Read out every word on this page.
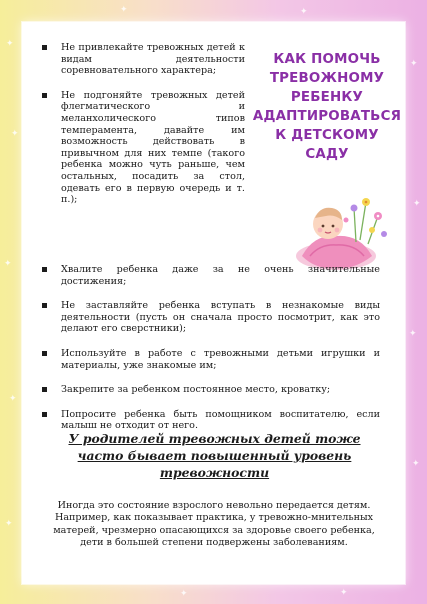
✦
✦
✦
✦
✦
✦
✦
✦
✦
✦	✦
✦	✦
Не привлекайте тревожных детей к видам деятельности соревновательного характера;
Не подгоняйте тревожных детей флегматического и меланхолического типов темперамента, давайте им возможность действовать в привычном для них темпе (такого ребенка можно чуть раньше, чем остальных, посадить за стол, одевать его в первую очередь и т. п.);
КАК ПОМОЧЬ
ТРЕВОЖНОМУ
РЕБЕНКУ
АДАПТИРОВАТЬСЯ
К ДЕТСКОМУ САДУ
Хвалите ребенка даже за не очень значительные достижения;
Не заставляйте ребенка вступать в незнакомые виды деятельности (пусть он сначала просто посмотрит, как это делают его сверстники);
Используйте в работе с тревожными детьми игрушки и материалы, уже знакомые им;
Закрепите за ребенком постоянное место, кроватку;
Попросите ребенка быть помощником воспитателю, если малыш не отходит от него.
У родителей тревожных детей тоже
часто бывает повышенный уровень
тревожности

Иногда это состояние взрослого невольно передается детям.
Например, как показывает практика, у тревожно-мнительных
матерей, чрезмерно опасающихся за здоровье своего ребенка,
дети в большей степени подвержены заболеваниям.
